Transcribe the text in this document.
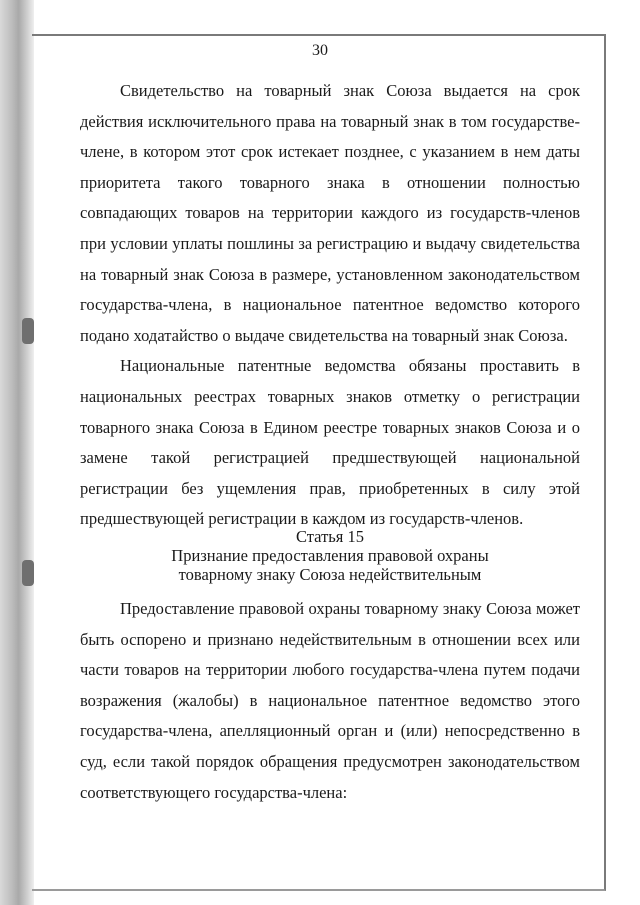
30

Свидетельство на товарный знак Союза выдается на срок действия исключительного права на товарный знак в том государстве-члене, в котором этот срок истекает позднее, с указанием в нем даты приоритета такого товарного знака в отношении полностью совпадающих товаров на территории каждого из государств-членов при условии уплаты пошлины за регистрацию и выдачу свидетельства на товарный знак Союза в размере, установленном законодательством государства-члена, в национальное патентное ведомство которого подано ходатайство о выдаче свидетельства на товарный знак Союза.

Национальные патентные ведомства обязаны проставить в национальных реестрах товарных знаков отметку о регистрации товарного знака Союза в Едином реестре товарных знаков Союза и о замене такой регистрацией предшествующей национальной регистрации без ущемления прав, приобретенных в силу этой предшествующей регистрации в каждом из государств-членов.

Статья 15
Признание предоставления правовой охраны
товарному знаку Союза недействительным

Предоставление правовой охраны товарному знаку Союза может быть оспорено и признано недействительным в отношении всех или части товаров на территории любого государства-члена путем подачи возражения (жалобы) в национальное патентное ведомство этого государства-члена, апелляционный орган и (или) непосредственно в суд, если такой порядок обращения предусмотрен законодательством соответствующего государства-члена:
